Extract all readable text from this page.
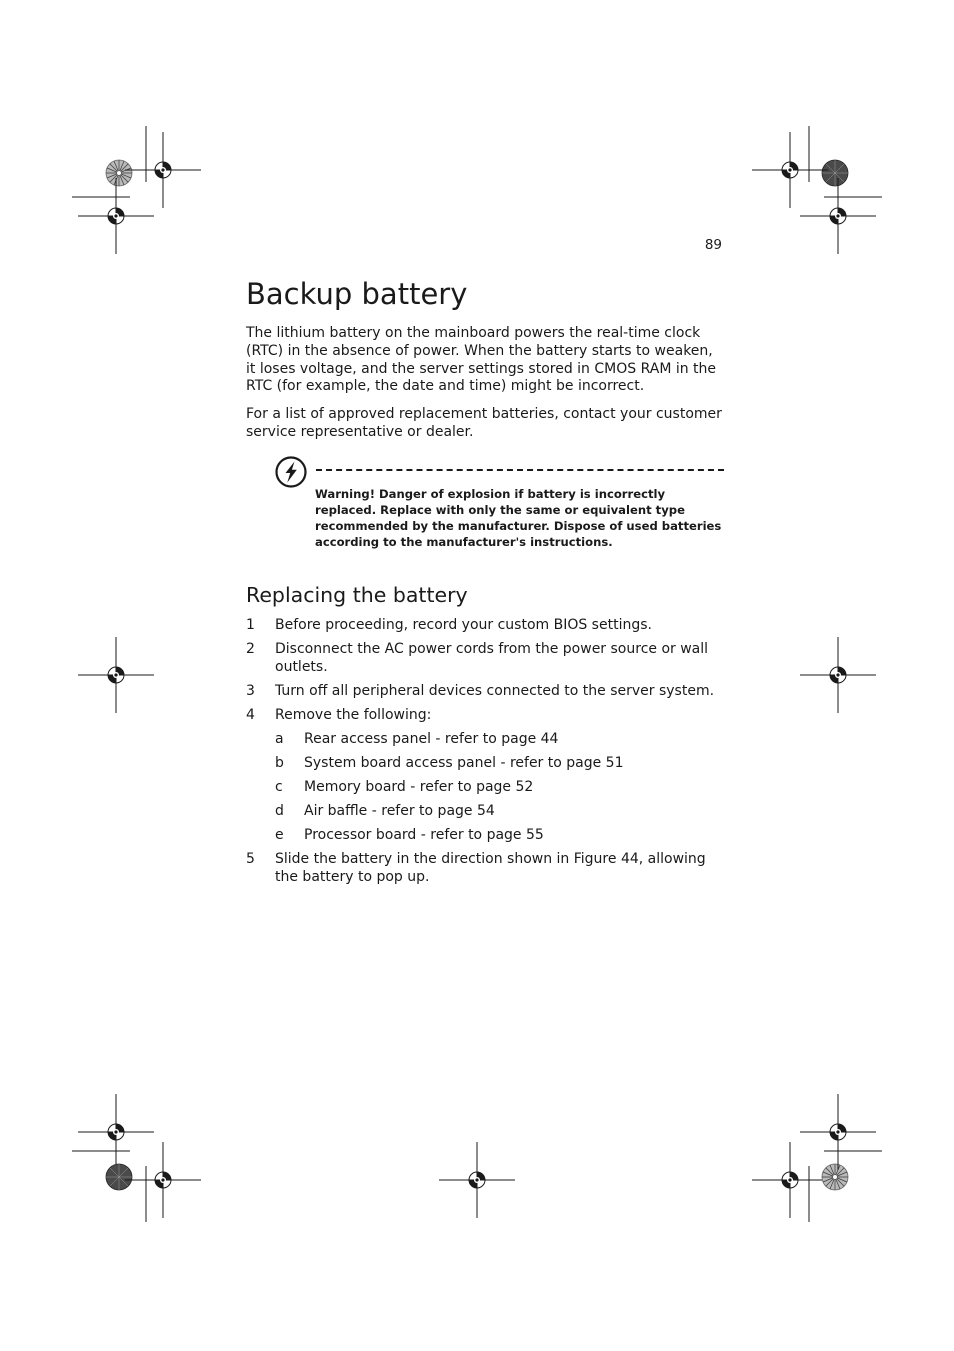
89
Backup battery

The lithium battery on the mainboard powers the real-time clock (RTC) in the absence of power. When the battery starts to weaken, it loses voltage, and the server settings stored in CMOS RAM in the RTC (for example, the date and time) might be incorrect.

For a list of approved replacement batteries, contact your customer service representative or dealer.

Warning! Danger of explosion if battery is incorrectly replaced. Replace with only the same or equivalent type recommended by the manufacturer. Dispose of used batteries according to the manufacturer's instructions.

Replacing the battery
1 Before proceeding, record your custom BIOS settings.
2 Disconnect the AC power cords from the power source or wall outlets.
3 Turn off all peripheral devices connected to the server system.
4 Remove the following:
a Rear access panel - refer to page 44
b System board access panel - refer to page 51
c Memory board - refer to page 52
d Air baffle - refer to page 54
e Processor board - refer to page 55
5 Slide the battery in the direction shown in Figure 44, allowing the battery to pop up.
